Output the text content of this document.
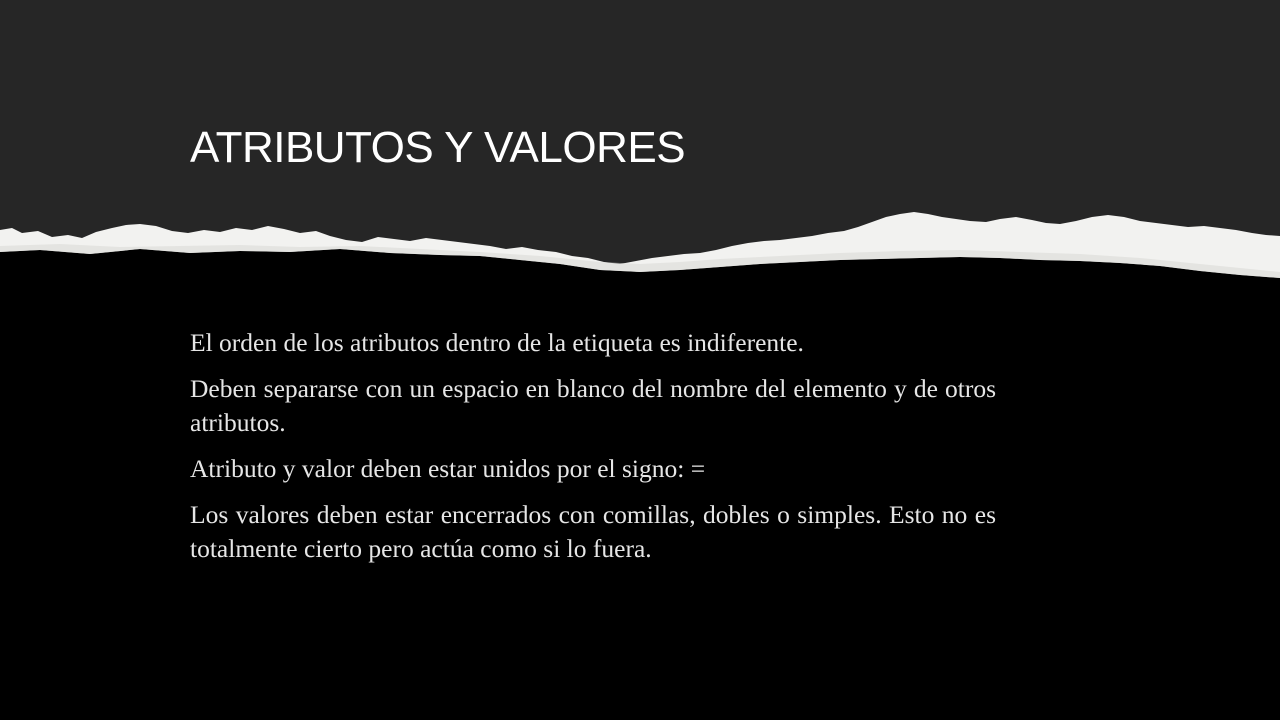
ATRIBUTOS Y VALORES

El orden de los atributos dentro de la etiqueta es indiferente.

Deben separarse con un espacio en blanco del nombre del elemento y de otros atributos.

Atributo y valor deben estar unidos por el signo: =

Los valores deben estar encerrados con comillas, dobles o simples. Esto no es totalmente cierto pero actúa como si lo fuera.
